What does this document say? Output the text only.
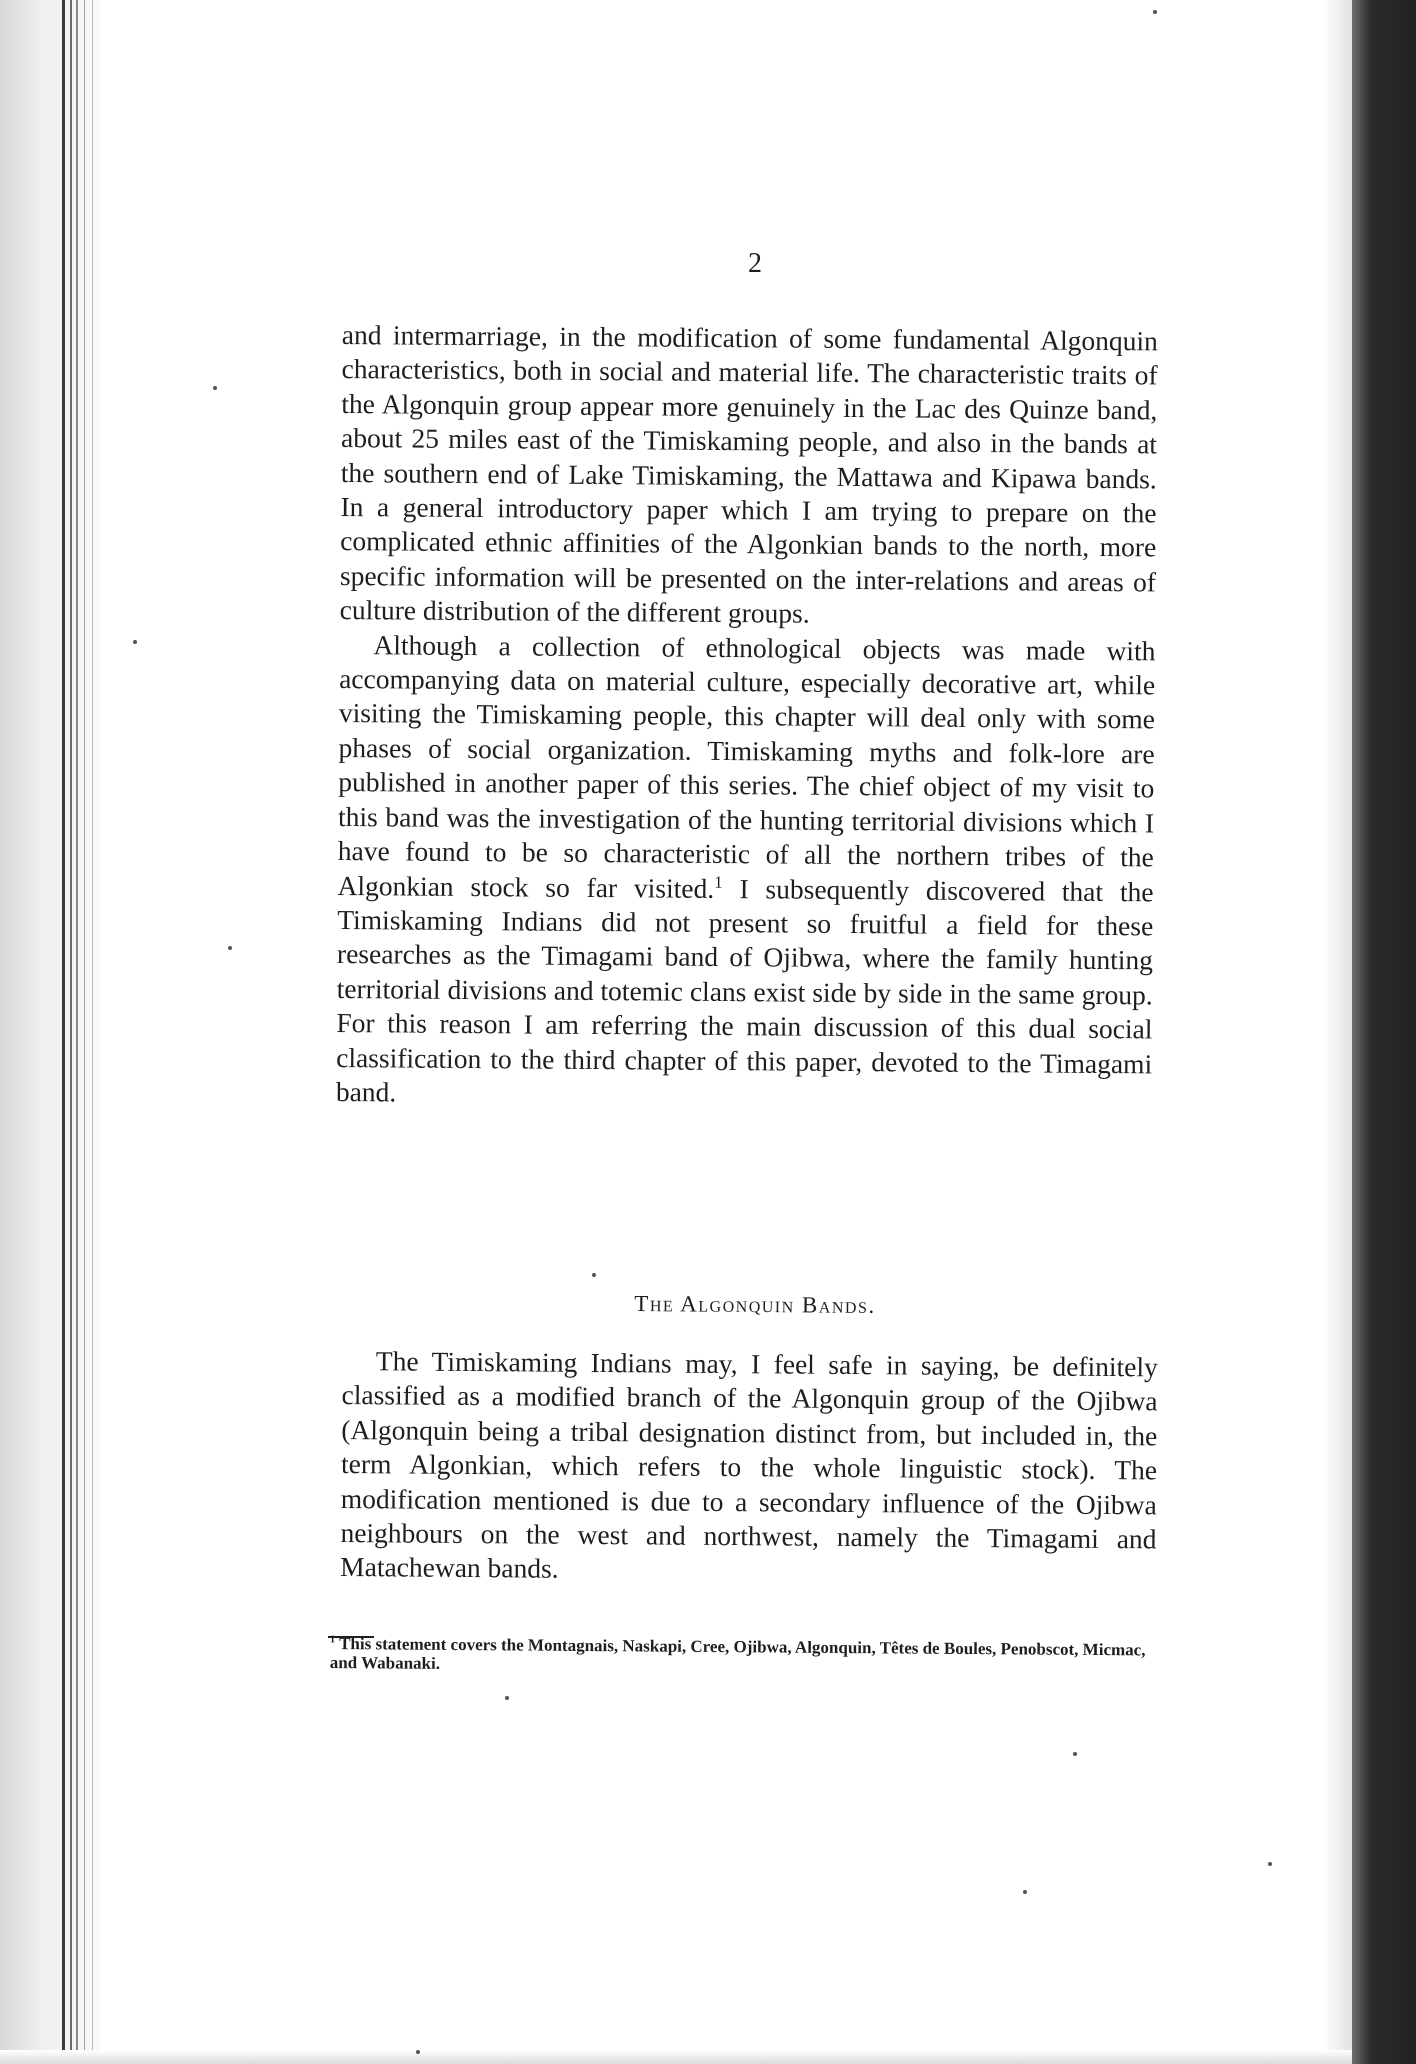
2

and intermarriage, in the modification of some fundamental Algonquin characteristics, both in social and material life. The characteristic traits of the Algonquin group appear more genuinely in the Lac des Quinze band, about 25 miles east of the Timiskaming people, and also in the bands at the southern end of Lake Timiskaming, the Mattawa and Kipawa bands. In a general introductory paper which I am trying to prepare on the complicated ethnic affinities of the Algonkian bands to the north, more specific information will be presented on the inter-relations and areas of culture distribution of the different groups.

Although a collection of ethnological objects was made with accompanying data on material culture, especially decorative art, while visiting the Timiskaming people, this chapter will deal only with some phases of social organization. Timiskaming myths and folk-lore are published in another paper of this series. The chief object of my visit to this band was the investigation of the hunting territorial divisions which I have found to be so characteristic of all the northern tribes of the Algonkian stock so far visited.$^1$ I subsequently discovered that the Timiskaming Indians did not present so fruitful a field for these researches as the Timagami band of Ojibwa, where the family hunting territorial divisions and totemic clans exist side by side in the same group. For this reason I am referring the main discussion of this dual social classification to the third chapter of this paper, devoted to the Timagami band.

The Algonquin Bands.

The Timiskaming Indians may, I feel safe in saying, be definitely classified as a modified branch of the Algonquin group of the Ojibwa (Algonquin being a tribal designation distinct from, but included in, the term Algonkian, which refers to the whole linguistic stock). The modification mentioned is due to a secondary influence of the Ojibwa neighbours on the west and northwest, namely the Timagami and Matachewan bands.

$^1$ This statement covers the Montagnais, Naskapi, Cree, Ojibwa, Algonquin, Têtes de Boules, Penobscot, Micmac, and Wabanaki.
